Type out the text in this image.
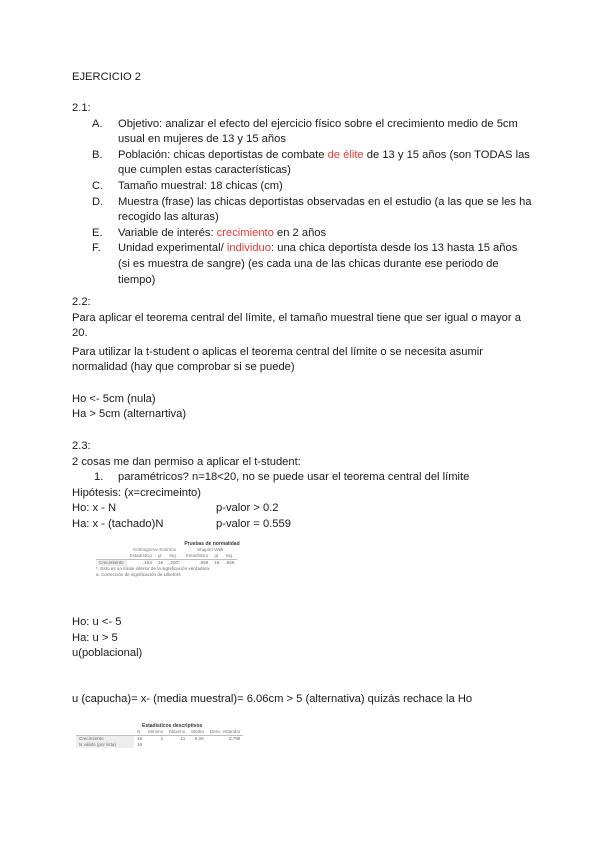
EJERCICIO 2

2.1:

A. Objetivo: analizar el efecto del ejercicio físico sobre el crecimiento medio de 5cm usual en mujeres de 13 y 15 años
B. Población: chicas deportistas de combate de élite de 13 y 15 años (son TODAS las que cumplen estas características)
C. Tamaño muestral: 18 chicas (cm)
D. Muestra (frase) las chicas deportistas observadas en el estudio (a las que se les ha recogido las alturas)
E. Variable de interés: crecimiento en 2 años
F. Unidad experimental/ individuo: una chica deportista desde los 13 hasta 15 años (si es muestra de sangre) (es cada una de las chicas durante ese periodo de tiempo)

2.2:

Para aplicar el teorema central del límite, el tamaño muestral tiene que ser igual o mayor a 20.

Para utilizar la t-student o aplicas el teorema central del límite o se necesita asumir normalidad (hay que comprobar si se puede)

Ho <- 5cm (nula)

Ha > 5cm (alternartiva)

2.3:

2 cosas me dan permiso a aplicar el t-student:

1. paramétricos? n=18<20, no se puede usar el teorema central del límite

Hipótesis: (x=crecimeinto)

Ho: x - N	p-valor > 0.2
Ha: x - (tachado)N	p-valor = 0.559
Pruebas de normalidad
	Kolmogorov-Smirnov			Shapiro-Wilk		
	Estadístico	gl	Sig.	Estadístico	gl	Sig.
Crecimiento	,154	18	,200*	,958	18	,559
*. Esto es un límite inferior de la significación verdadera.
a. Corrección de significación de Lilliefors

Ho: u <- 5

Ha: u > 5

u(poblacional)

u (capucha)= x- (media muestral)= 6.06cm > 5 (alternativa) quizás rechace la Ho

Estadísticos descriptivos
	N	Mínimo	Máximo	Media	Desv. estándar
Crecimiento	18	1	11	6,06	2,796
N válido (por lista)	18				
